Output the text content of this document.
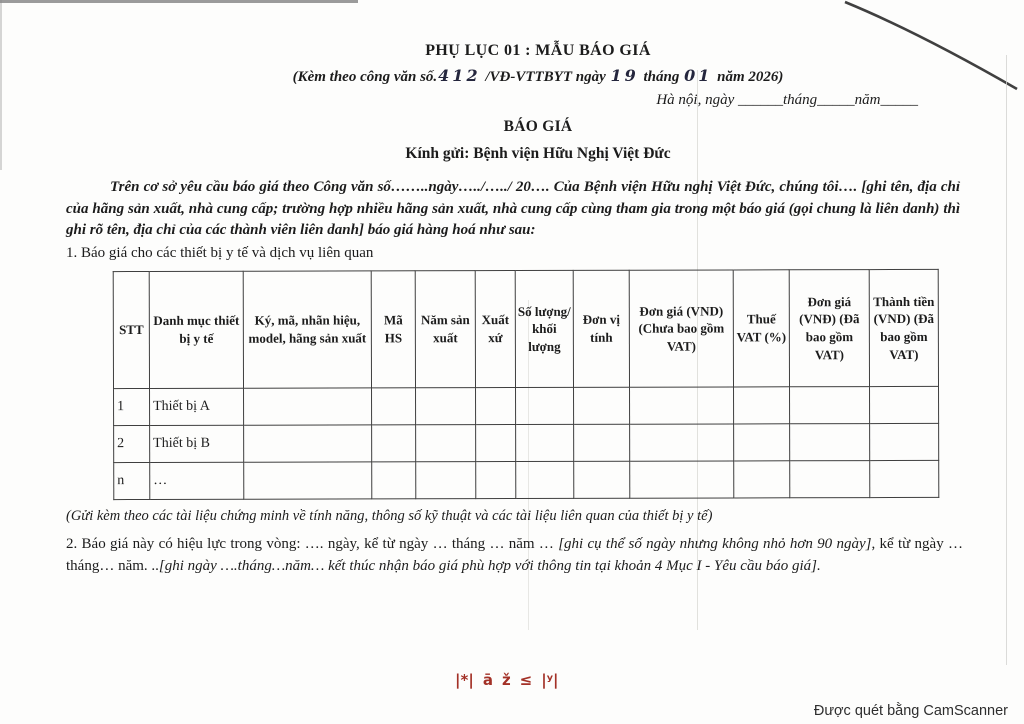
PHỤ LỤC 01 : MẪU BÁO GIÁ
(Kèm theo công văn số.412 /VĐ-VTTBYT ngày 19 tháng 01 năm 2026)
Hà nội, ngày ______tháng_____năm_____
BÁO GIÁ
Kính gửi: Bệnh viện Hữu Nghị Việt Đức
Trên cơ sở yêu cầu báo giá theo Công văn số……..ngày…../…../ 20…. Của Bệnh viện Hữu nghị Việt Đức, chúng tôi…. [ghi tên, địa chỉ của hãng sản xuất, nhà cung cấp; trường hợp nhiều hãng sản xuất, nhà cung cấp cùng tham gia trong một báo giá (gọi chung là liên danh) thì ghi rõ tên, địa chỉ của các thành viên liên danh] báo giá hàng hoá như sau:
1. Báo giá cho các thiết bị y tế và dịch vụ liên quan
STT	Danh mục thiết bị y tế	Ký, mã, nhãn hiệu, model, hãng sản xuất	Mã HS	Năm sản xuất	Xuất xứ	Số lượng/ khối lượng	Đơn vị tính	Đơn giá (VND) (Chưa bao gồm VAT)	Thuế VAT (%)	Đơn giá (VNĐ) (Đã bao gồm VAT)	Thành tiền (VND) (Đã bao gồm VAT)
1	Thiết bị A										
2	Thiết bị B										
n	…										
(Gửi kèm theo các tài liệu chứng minh về tính năng, thông số kỹ thuật và các tài liệu liên quan của thiết bị y tế)
2. Báo giá này có hiệu lực trong vòng: …. ngày, kể từ ngày … tháng … năm … [ghi cụ thể số ngày nhưng không nhỏ hơn 90 ngày], kể từ ngày … tháng… năm. ..[ghi ngày ….tháng…năm… kết thúc nhận báo giá phù hợp với thông tin tại khoản 4 Mục I - Yêu cầu báo giá].
|*| ā ž ≤ |ʸ|
Được quét bằng CamScanner
